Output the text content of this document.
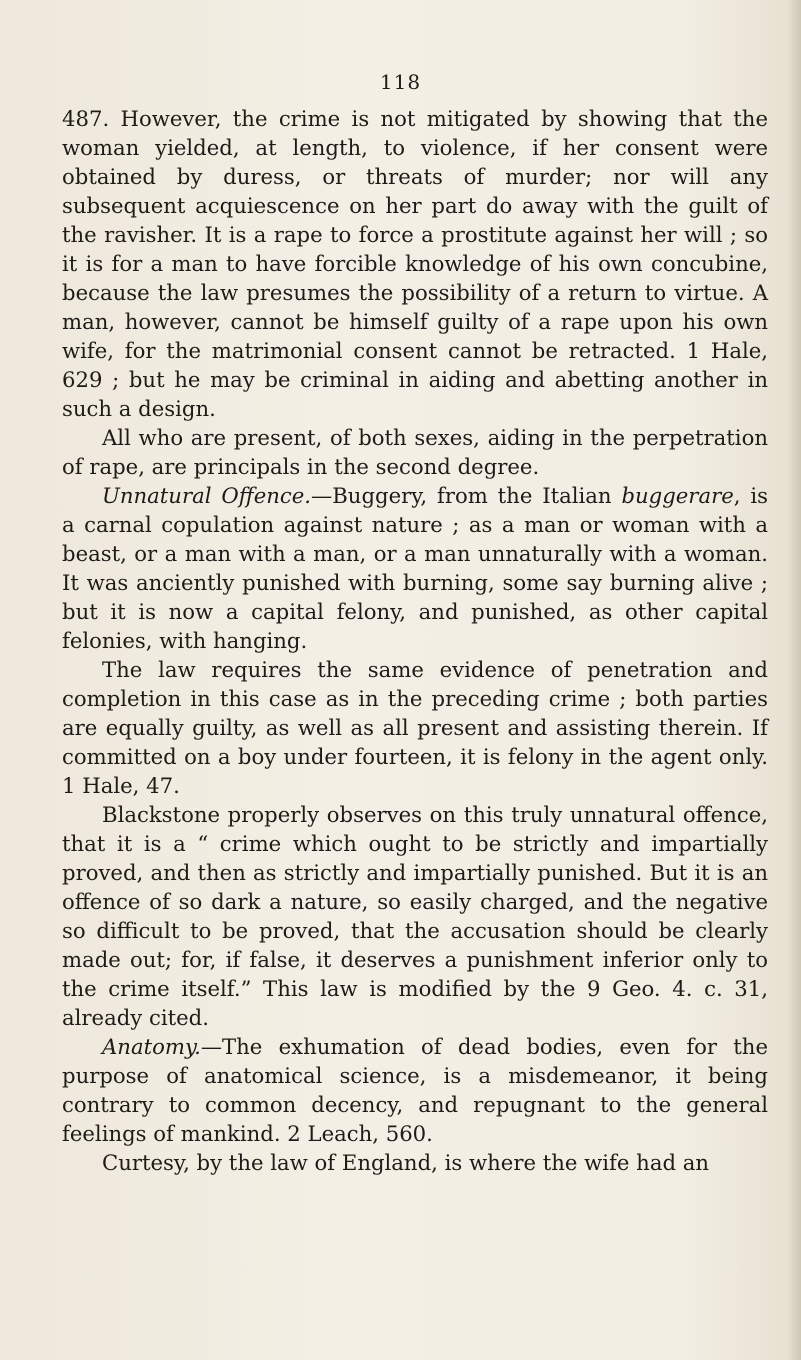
118

487. However, the crime is not mitigated by showing that the woman yielded, at length, to violence, if her consent were obtained by duress, or threats of murder; nor will any subsequent acquiescence on her part do away with the guilt of the ravisher. It is a rape to force a prostitute against her will ; so it is for a man to have forcible knowledge of his own concubine, because the law presumes the possibility of a return to virtue. A man, however, cannot be himself guilty of a rape upon his own wife, for the matrimonial consent cannot be retracted. 1 Hale, 629 ; but he may be criminal in aiding and abetting another in such a design.

All who are present, of both sexes, aiding in the perpetration of rape, are principals in the second degree.

Unnatural Offence.—Buggery, from the Italian buggerare, is a carnal copulation against nature ; as a man or woman with a beast, or a man with a man, or a man unnaturally with a woman. It was anciently punished with burning, some say burning alive ; but it is now a capital felony, and punished, as other capital felonies, with hanging.

The law requires the same evidence of penetration and completion in this case as in the preceding crime ; both parties are equally guilty, as well as all present and assisting therein. If committed on a boy under fourteen, it is felony in the agent only. 1 Hale, 47.

Blackstone properly observes on this truly unnatural offence, that it is a “ crime which ought to be strictly and impartially proved, and then as strictly and impartially punished. But it is an offence of so dark a nature, so easily charged, and the negative so difficult to be proved, that the accusation should be clearly made out; for, if false, it deserves a punishment inferior only to the crime itself.” This law is modified by the 9 Geo. 4. c. 31, already cited.

Anatomy.—The exhumation of dead bodies, even for the purpose of anatomical science, is a misdemeanor, it being contrary to common decency, and repugnant to the general feelings of mankind. 2 Leach, 560.

Curtesy, by the law of England, is where the wife had an
